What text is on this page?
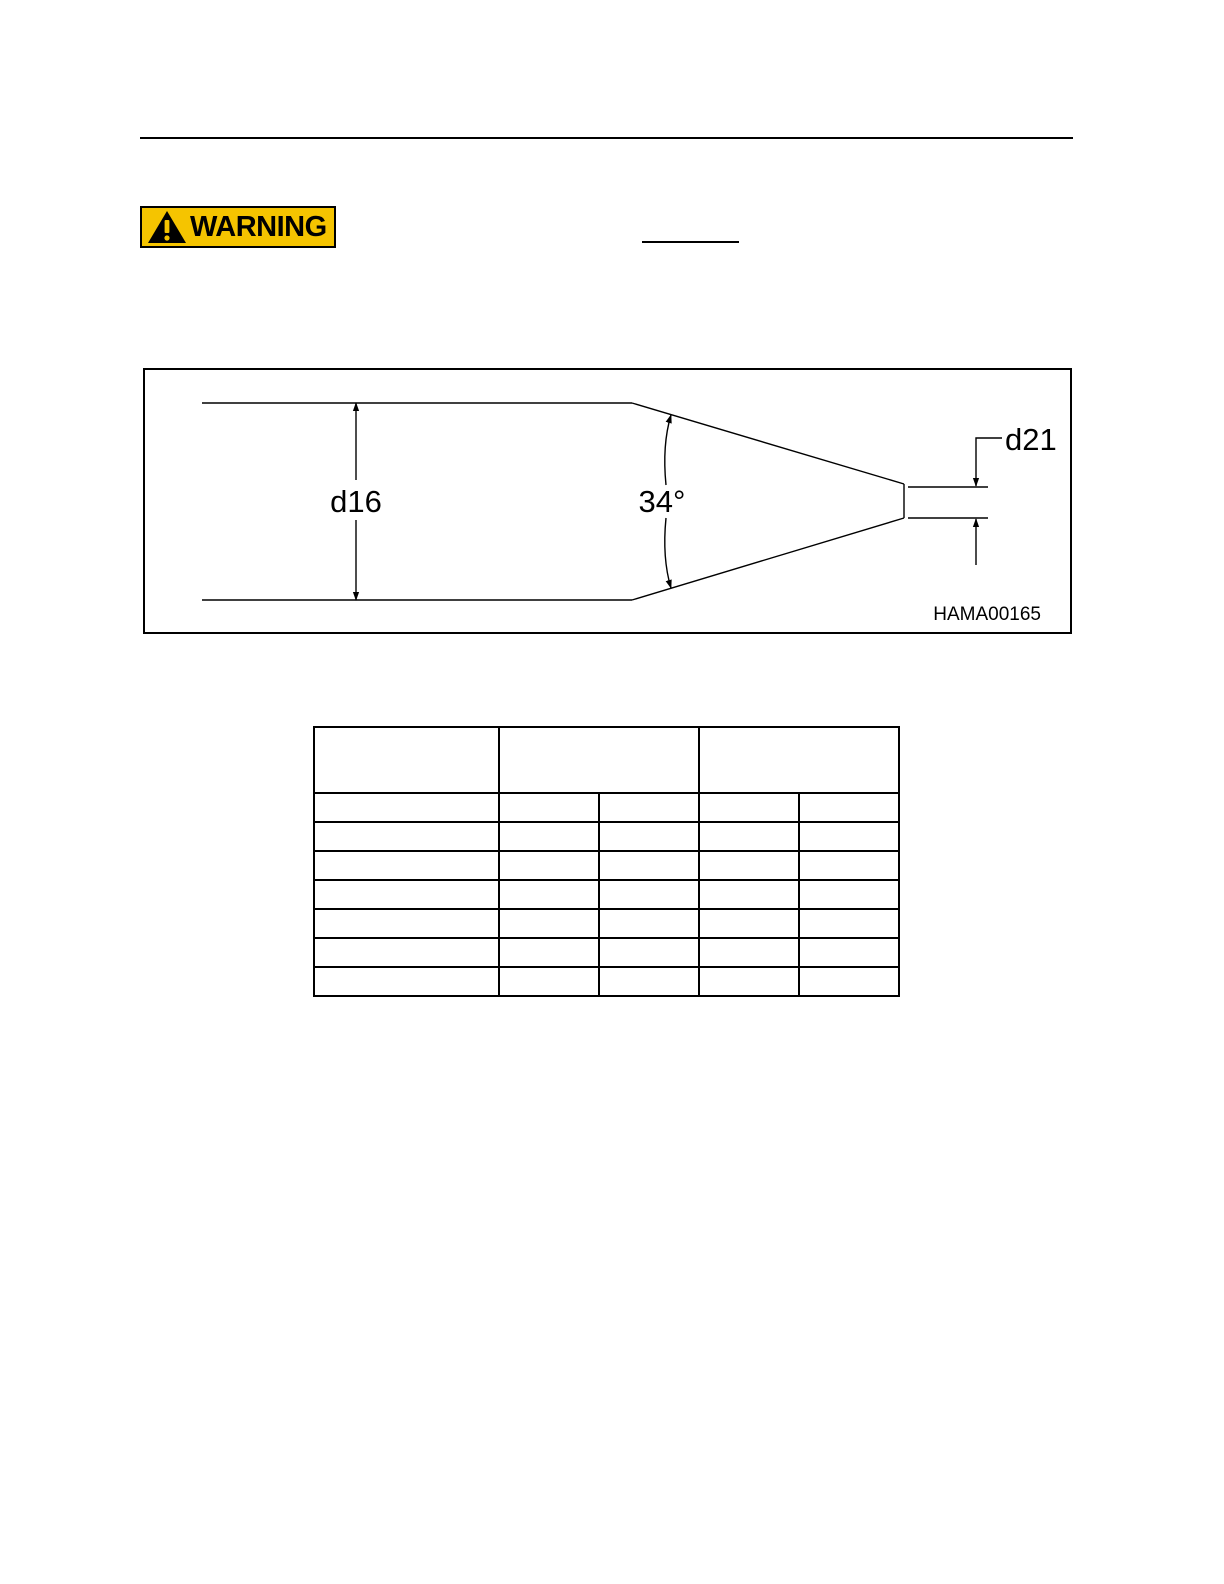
WARNING
d16	34°
d21
HAMA00165
